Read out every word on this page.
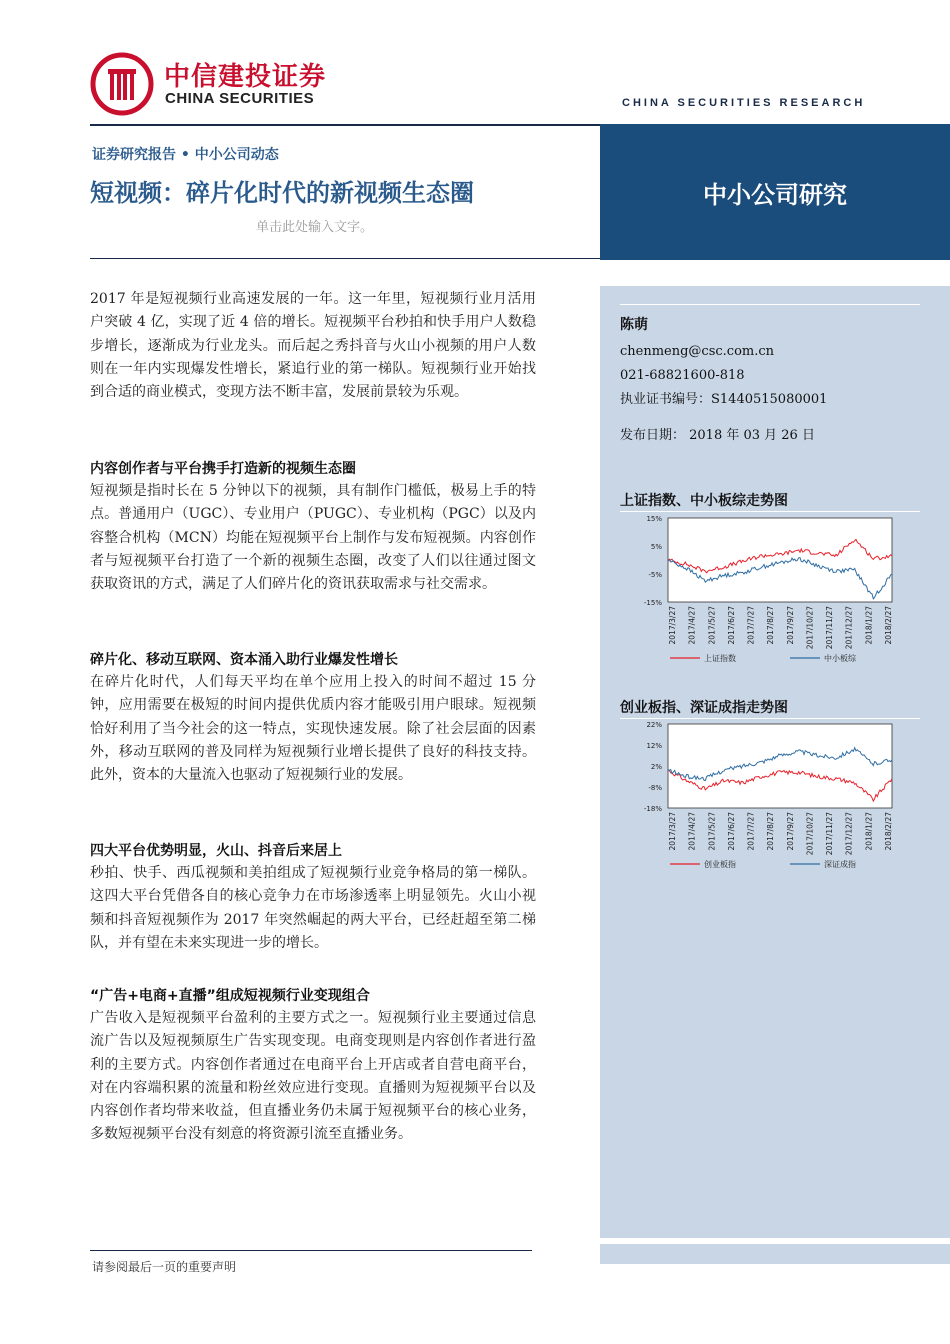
中信建投证券
CHINA SECURITIES	CHINA SECURITIES RESEARCH
证券研究报告 • 中小公司动态
短视频：碎片化时代的新视频生态圈
单击此处输入文字。
中小公司研究
陈萌
chenmeng@csc.com.cn
021-68821600-818
执业证书编号：S1440515080001
发布日期： 2018 年 03 月 26 日
上证指数、中小板综走势图
15%
5%
-5%
-15%
2017/3/27 2017/4/27 2017/5/27 2017/6/27 2017/7/27 2017/8/27 2017/9/27 2017/10/27 2017/11/27 2017/12/27 2018/1/27 2018/2/27
上证指数	中小板综
创业板指、深证成指走势图
22%
12%
2%
-8%
-18%
2017/3/27 2017/4/27 2017/5/27 2017/6/27 2017/7/27 2017/8/27 2017/9/27 2017/10/27 2017/11/27 2017/12/27 2018/1/27 2018/2/27
创业板指	深证成指
2017 年是短视频行业高速发展的一年。这一年里，短视频行业月活用户突破 4 亿，实现了近 4 倍的增长。短视频平台秒拍和快手用户人数稳步增长，逐渐成为行业龙头。而后起之秀抖音与火山小视频的用户人数则在一年内实现爆发性增长，紧追行业的第一梯队。短视频行业开始找到合适的商业模式，变现方法不断丰富，发展前景较为乐观。
内容创作者与平台携手打造新的视频生态圈
短视频是指时长在 5 分钟以下的视频，具有制作门槛低，极易上手的特点。普通用户（UGC）、专业用户（PUGC）、专业机构（PGC）以及内容整合机构（MCN）均能在短视频平台上制作与发布短视频。内容创作者与短视频平台打造了一个新的视频生态圈，改变了人们以往通过图文获取资讯的方式，满足了人们碎片化的资讯获取需求与社交需求。
碎片化、移动互联网、资本涌入助行业爆发性增长
在碎片化时代，人们每天平均在单个应用上投入的时间不超过 15 分钟，应用需要在极短的时间内提供优质内容才能吸引用户眼球。短视频恰好利用了当今社会的这一特点，实现快速发展。除了社会层面的因素外，移动互联网的普及同样为短视频行业增长提供了良好的科技支持。此外，资本的大量流入也驱动了短视频行业的发展。
四大平台优势明显，火山、抖音后来居上
秒拍、快手、西瓜视频和美拍组成了短视频行业竞争格局的第一梯队。这四大平台凭借各自的核心竞争力在市场渗透率上明显领先。火山小视频和抖音短视频作为 2017 年突然崛起的两大平台，已经赶超至第二梯队，并有望在未来实现进一步的增长。
“广告+电商+直播”组成短视频行业变现组合
广告收入是短视频平台盈利的主要方式之一。短视频行业主要通过信息流广告以及短视频原生广告实现变现。电商变现则是内容创作者进行盈利的主要方式。内容创作者通过在电商平台上开店或者自营电商平台，对在内容端积累的流量和粉丝效应进行变现。直播则为短视频平台以及内容创作者均带来收益，但直播业务仍未属于短视频平台的核心业务，多数短视频平台没有刻意的将资源引流至直播业务。
请参阅最后一页的重要声明
